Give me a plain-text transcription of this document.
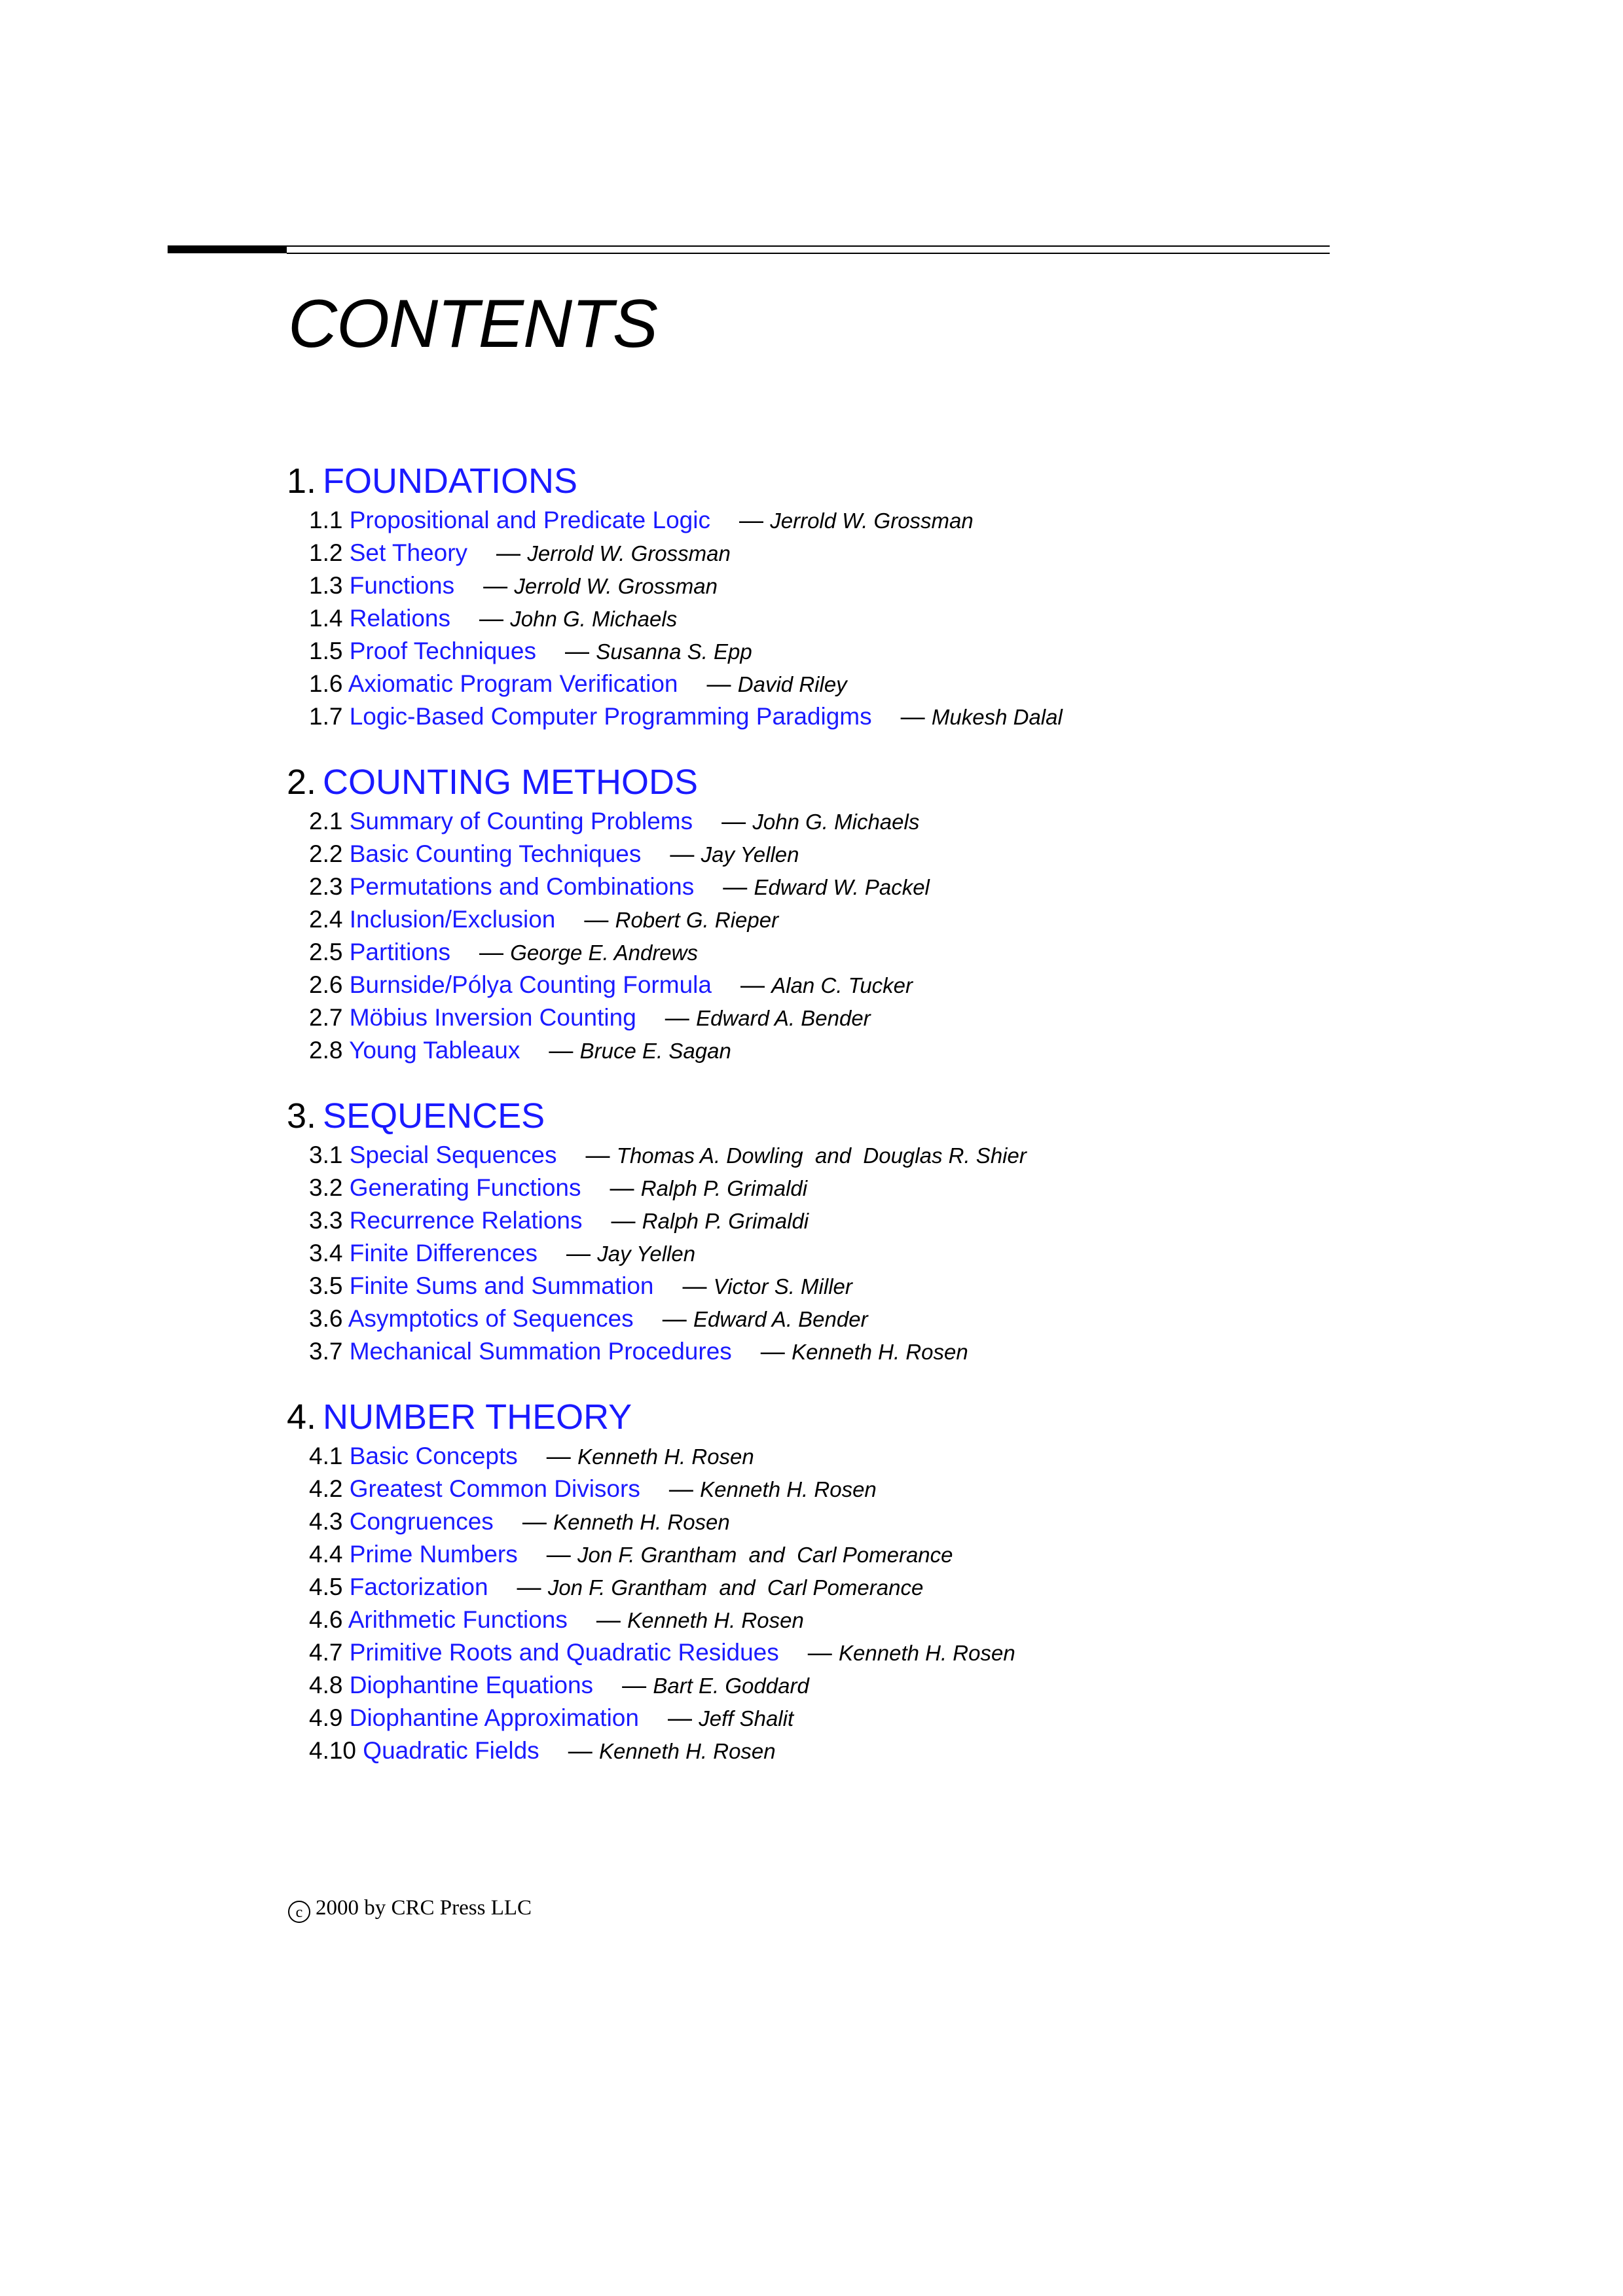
CONTENTS
1. FOUNDATIONS
1.1 Propositional and Predicate Logic — Jerrold W. Grossman
1.2 Set Theory — Jerrold W. Grossman
1.3 Functions — Jerrold W. Grossman
1.4 Relations — John G. Michaels
1.5 Proof Techniques — Susanna S. Epp
1.6 Axiomatic Program Verification — David Riley
1.7 Logic-Based Computer Programming Paradigms — Mukesh Dalal
2. COUNTING METHODS
2.1 Summary of Counting Problems — John G. Michaels
2.2 Basic Counting Techniques — Jay Yellen
2.3 Permutations and Combinations — Edward W. Packel
2.4 Inclusion/Exclusion — Robert G. Rieper
2.5 Partitions — George E. Andrews
2.6 Burnside/Pólya Counting Formula — Alan C. Tucker
2.7 Möbius Inversion Counting — Edward A. Bender
2.8 Young Tableaux — Bruce E. Sagan
3. SEQUENCES
3.1 Special Sequences — Thomas A. Dowling  and  Douglas R. Shier
3.2 Generating Functions — Ralph P. Grimaldi
3.3 Recurrence Relations — Ralph P. Grimaldi
3.4 Finite Differences — Jay Yellen
3.5 Finite Sums and Summation — Victor S. Miller
3.6 Asymptotics of Sequences — Edward A. Bender
3.7 Mechanical Summation Procedures — Kenneth H. Rosen
4. NUMBER THEORY
4.1 Basic Concepts — Kenneth H. Rosen
4.2 Greatest Common Divisors — Kenneth H. Rosen
4.3 Congruences — Kenneth H. Rosen
4.4 Prime Numbers — Jon F. Grantham  and  Carl Pomerance
4.5 Factorization — Jon F. Grantham  and  Carl Pomerance
4.6 Arithmetic Functions — Kenneth H. Rosen
4.7 Primitive Roots and Quadratic Residues — Kenneth H. Rosen
4.8 Diophantine Equations — Bart E. Goddard
4.9 Diophantine Approximation — Jeff Shalit
4.10 Quadratic Fields — Kenneth H. Rosen
c 2000 by CRC Press LLC
